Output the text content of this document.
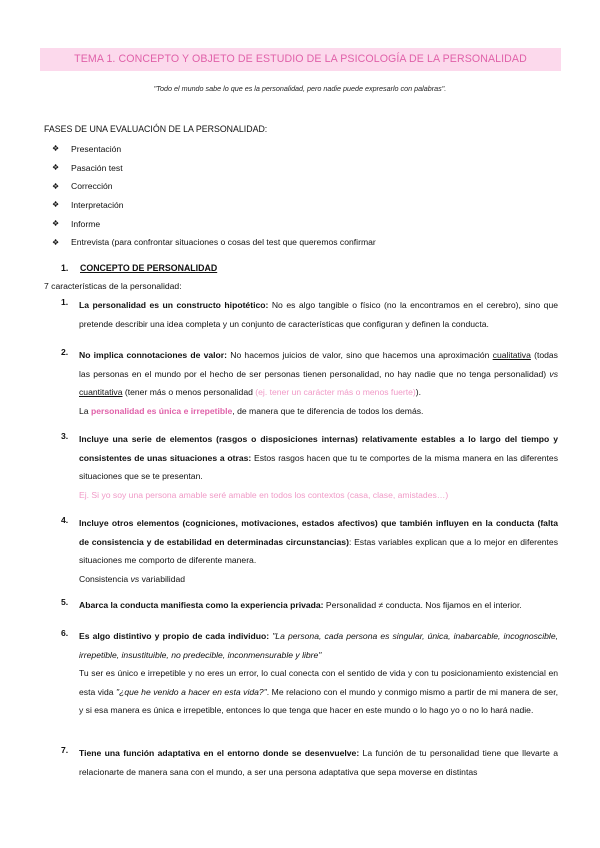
TEMA 1. CONCEPTO Y OBJETO DE ESTUDIO DE LA PSICOLOGÍA DE LA PERSONALIDAD
"Todo el mundo sabe lo que es la personalidad, pero nadie puede expresarlo con palabras".
FASES DE UNA EVALUACIÓN DE LA PERSONALIDAD:
❖	Presentación
❖	Pasación test
❖	Corrección
❖	Interpretación
❖	Informe
❖	Entrevista (para confrontar situaciones o cosas del test que queremos confirmar
1. CONCEPTO DE PERSONALIDAD
7 características de la personalidad:
1. La personalidad es un constructo hipotético: No es algo tangible o físico (no la encontramos en el cerebro), sino que pretende describir una idea completa y un conjunto de características que configuran y definen la conducta.
2. No implica connotaciones de valor: No hacemos juicios de valor, sino que hacemos una aproximación cualitativa (todas las personas en el mundo por el hecho de ser personas tienen personalidad, no hay nadie que no tenga personalidad) vs cuantitativa (tener más o menos personalidad (ej. tener un carácter más o menos fuerte)).
La personalidad es única e irrepetible, de manera que te diferencia de todos los demás.
3. Incluye una serie de elementos (rasgos o disposiciones internas) relativamente estables a lo largo del tiempo y consistentes de unas situaciones a otras: Estos rasgos hacen que tu te comportes de la misma manera en las diferentes situaciones que se te presentan.
Ej. Si yo soy una persona amable seré amable en todos los contextos (casa, clase, amistades…)
4. Incluye otros elementos (cogniciones, motivaciones, estados afectivos) que también influyen en la conducta (falta de consistencia y de estabilidad en determinadas circunstancias): Estas variables explican que a lo mejor en diferentes situaciones me comporto de diferente manera.
Consistencia vs variabilidad
5. Abarca la conducta manifiesta como la experiencia privada: Personalidad ≠ conducta. Nos fijamos en el interior.
6. Es algo distintivo y propio de cada individuo: "La persona, cada persona es singular, única, inabarcable, incognoscible, irrepetible, insustituible, no predecible, inconmensurable y libre"
Tu ser es único e irrepetible y no eres un error, lo cual conecta con el sentido de vida y con tu posicionamiento existencial en esta vida "¿que he venido a hacer en esta vida?". Me relaciono con el mundo y conmigo mismo a partir de mi manera de ser, y si esa manera es única e irrepetible, entonces lo que tenga que hacer en este mundo o lo hago yo o no lo hará nadie.
7. Tiene una función adaptativa en el entorno donde se desenvuelve: La función de tu personalidad tiene que llevarte a relacionarte de manera sana con el mundo, a ser una persona adaptativa que sepa moverse en distintas
